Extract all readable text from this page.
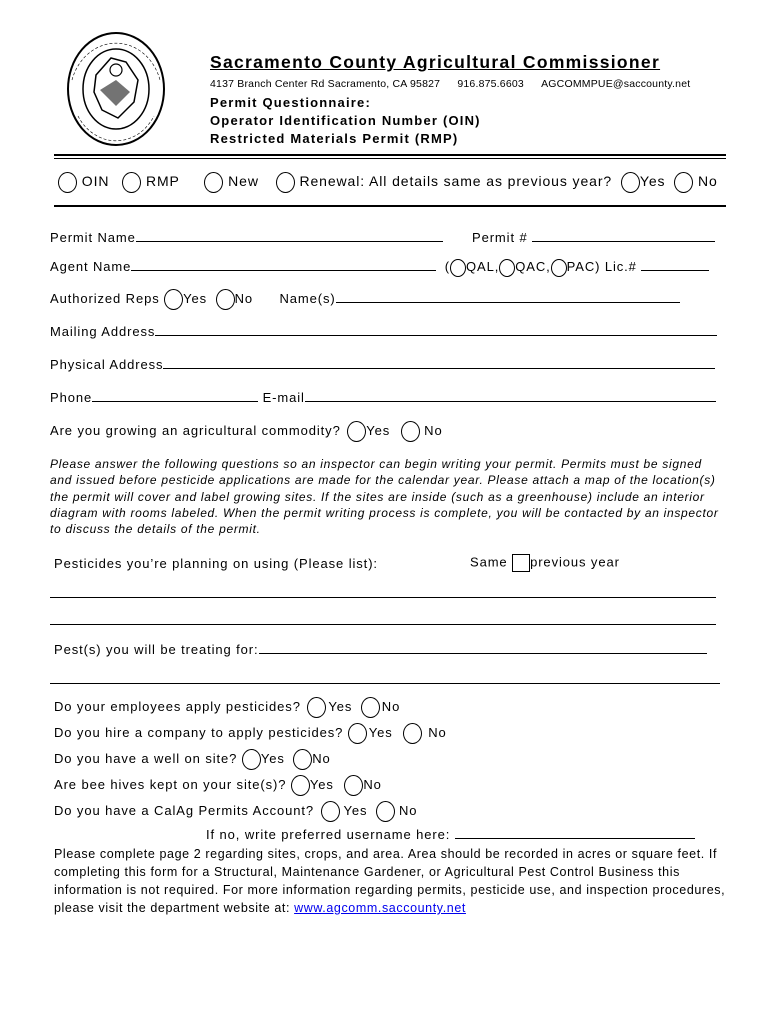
Sacramento County Agricultural Commissioner
4137 Branch Center Rd Sacramento, CA 95827 916.875.6603 AGCOMMPUE@saccounty.net
Permit Questionnaire:
Operator Identification Number (OIN)
Restricted Materials Permit (RMP)
OIN	RMP	New	Renewal: All details same as previous year? Yes No
Permit Name	Permit #
Agent Name	( QAL, QAC, PAC) Lic.#
Authorized Reps Yes No Name(s)
Mailing Address
Physical Address
Phone	E-mail
Are you growing an agricultural commodity? Yes	No
Please answer the following questions so an inspector can begin writing your permit. Permits must be signed and issued before pesticide applications are made for the calendar year. Please attach a map of the location(s) the permit will cover and label growing sites. If the sites are inside (such as a greenhouse) include an interior diagram with rooms labeled. When the permit writing process is complete, you will be contacted by an inspector to discuss the details of the permit.
Pesticides you’re planning on using (Please list):	Same previous year
Pest(s) you will be treating for:
Do your employees apply pesticides? Yes No
Do you hire a company to apply pesticides? Yes	No
Do you have a well on site? Yes No
Are bee hives kept on your site(s)? Yes No
Do you have a CalAg Permits Account? Yes No
If no, write preferred username here:
Please complete page 2 regarding sites, crops, and area. Area should be recorded in acres or square feet. If completing this form for a Structural, Maintenance Gardener, or Agricultural Pest Control Business this information is not required. For more information regarding permits, pesticide use, and inspection procedures, please visit the department website at: www.agcomm.saccounty.net
